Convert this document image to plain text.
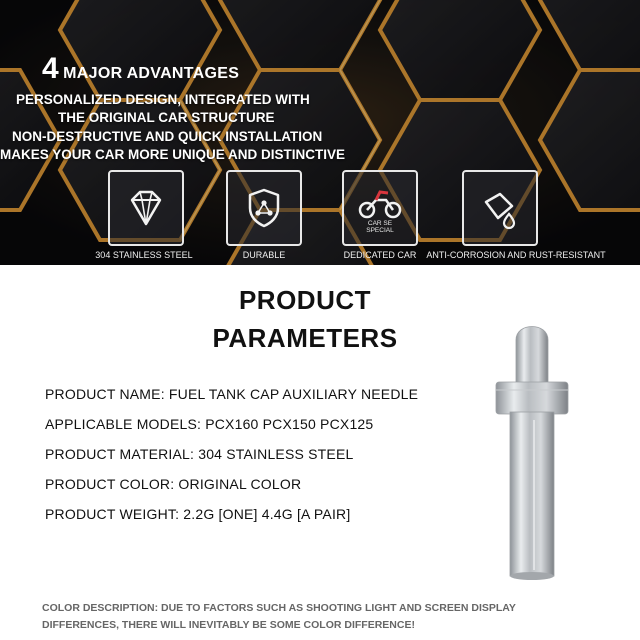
4 MAJOR ADVANTAGES
PERSONALIZED DESIGN, INTEGRATED WITH
THE ORIGINAL CAR STRUCTURE
NON-DESTRUCTIVE AND QUICK INSTALLATION
MAKES YOUR CAR MORE UNIQUE AND DISTINCTIVE
CAR SE SPECIAL
304 STAINLESS STEEL	DURABLE	DEDICATED CAR ANTI-CORROSION AND RUST-RESISTANT
PRODUCT
PARAMETERS
PRODUCT NAME: FUEL TANK CAP AUXILIARY NEEDLE
APPLICABLE MODELS: PCX160 PCX150 PCX125
PRODUCT MATERIAL: 304 STAINLESS STEEL
PRODUCT COLOR: ORIGINAL COLOR
PRODUCT WEIGHT: 2.2G [ONE] 4.4G [A PAIR]
COLOR DESCRIPTION: DUE TO FACTORS SUCH AS SHOOTING LIGHT AND SCREEN DISPLAY
DIFFERENCES, THERE WILL INEVITABLY BE SOME COLOR DIFFERENCE!
